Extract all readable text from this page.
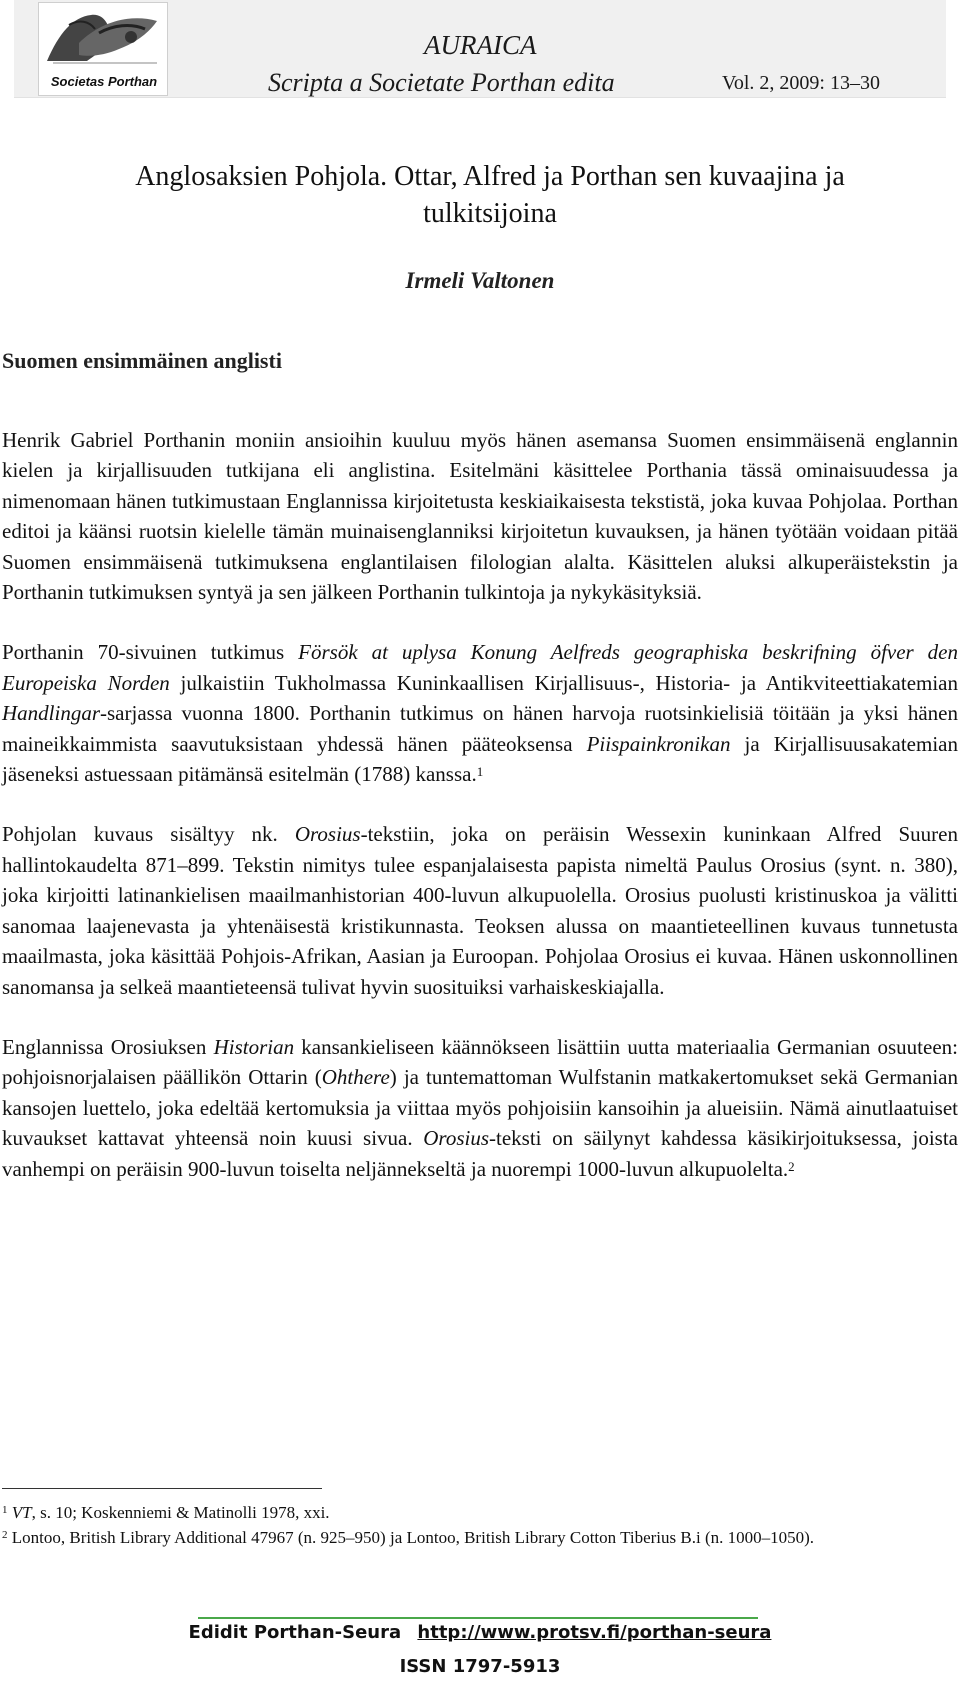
Societas Porthan
AURAICA
Scripta a Societate Porthan edita	Vol. 2, 2009: 13–30
Anglosaksien Pohjola. Ottar, Alfred ja Porthan sen kuvaajina ja tulkitsijoina
Irmeli Valtonen
Suomen ensimmäinen anglisti

Henrik Gabriel Porthanin moniin ansioihin kuuluu myös hänen asemansa Suomen ensimmäisenä englannin kielen ja kirjallisuuden tutkijana eli anglistina. Esitelmäni käsittelee Porthania tässä ominaisuudessa ja nimenomaan hänen tutkimustaan Englannissa kirjoitetusta keskiaikaisesta tekstistä, joka kuvaa Pohjolaa. Porthan editoi ja käänsi ruotsin kielelle tämän muinaisenglanniksi kirjoitetun kuvauksen, ja hänen työtään voidaan pitää Suomen ensimmäisenä tutkimuksena englantilaisen filologian alalta. Käsittelen aluksi alkuperäistekstin ja Porthanin tutkimuksen syntyä ja sen jälkeen Porthanin tulkintoja ja nykykäsityksiä.

Porthanin 70-sivuinen tutkimus Försök at uplysa Konung Aelfreds geographiska beskrifning öfver den Europeiska Norden julkaistiin Tukholmassa Kuninkaallisen Kirjallisuus-, Historia- ja Antikviteettiakatemian Handlingar-sarjassa vuonna 1800. Porthanin tutkimus on hänen harvoja ruotsinkielisiä töitään ja yksi hänen maineikkaimmista saavutuksistaan yhdessä hänen pääteoksensa Piispainkronikan ja Kirjallisuusakatemian jäseneksi astuessaan pitämänsä esitelmän (1788) kanssa.$^1$

Pohjolan kuvaus sisältyy nk. Orosius-tekstiin, joka on peräisin Wessexin kuninkaan Alfred Suuren hallintokaudelta 871–899. Tekstin nimitys tulee espanjalaisesta papista nimeltä Paulus Orosius (synt. n. 380), joka kirjoitti latinankielisen maailmanhistorian 400-luvun alkupuolella. Orosius puolusti kristinuskoa ja välitti sanomaa laajenevasta ja yhtenäisestä kristikunnasta. Teoksen alussa on maantieteellinen kuvaus tunnetusta maailmasta, joka käsittää Pohjois-Afrikan, Aasian ja Euroopan. Pohjolaa Orosius ei kuvaa. Hänen uskonnollinen sanomansa ja selkeä maantieteensä tulivat hyvin suosituiksi varhaiskeskiajalla.

Englannissa Orosiuksen Historian kansankieliseen käännökseen lisättiin uutta materiaalia Germanian osuuteen: pohjoisnorjalaisen päällikön Ottarin (Ohthere) ja tuntemattoman Wulfstanin matkakertomukset sekä Germanian kansojen luettelo, joka edeltää kertomuksia ja viittaa myös pohjoisiin kansoihin ja alueisiin. Nämä ainutlaatuiset kuvaukset kattavat yhteensä noin kuusi sivua. Orosius-teksti on säilynyt kahdessa käsikirjoituksessa, joista vanhempi on peräisin 900-luvun toiselta neljännekseltä ja nuorempi 1000-luvun alkupuolelta.$^2$

$^1$ VT, s. 10; Koskenniemi & Matinolli 1978, xxi.

$^2$ Lontoo, British Library Additional 47967 (n. 925–950) ja Lontoo, British Library Cotton Tiberius B.i (n. 1000–1050).

Edidit Porthan-Seura http://www.protsv.fi/porthan-seura
ISSN 1797-5913
